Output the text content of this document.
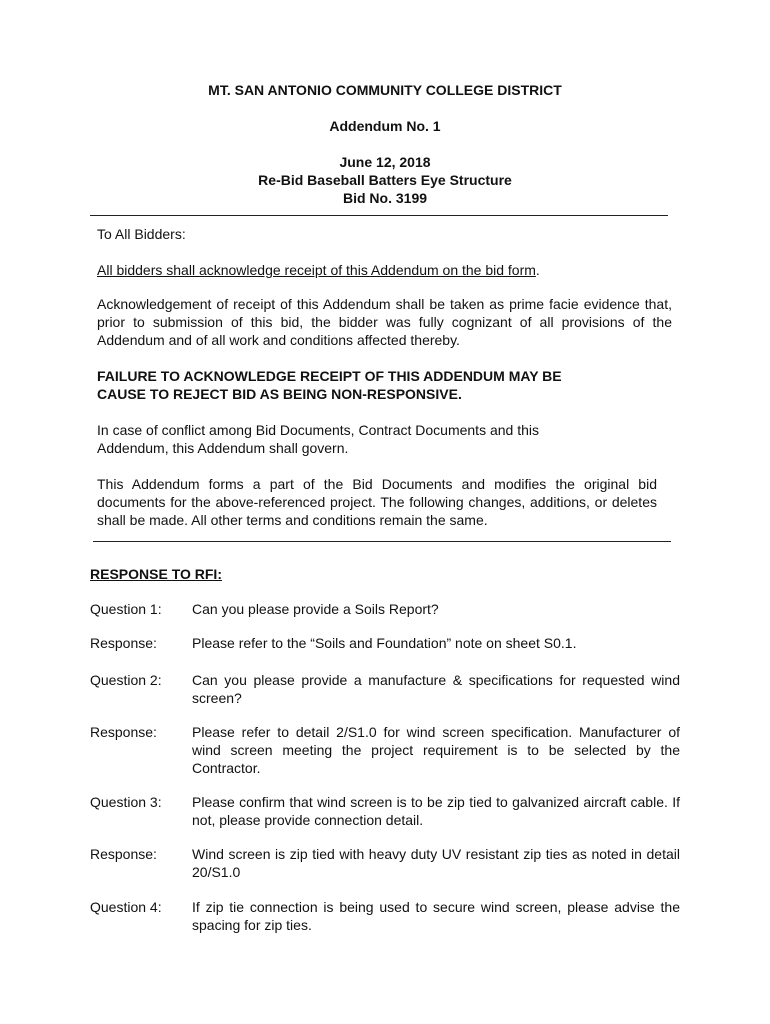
MT. SAN ANTONIO COMMUNITY COLLEGE DISTRICT
Addendum No. 1
June 12, 2018
Re-Bid Baseball Batters Eye Structure
Bid No. 3199
To All Bidders:
All bidders shall acknowledge receipt of this Addendum on the bid form.
Acknowledgement of receipt of this Addendum shall be taken as prime facie evidence that, prior to submission of this bid, the bidder was fully cognizant of all provisions of the Addendum and of all work and conditions affected thereby.
FAILURE TO ACKNOWLEDGE RECEIPT OF THIS ADDENDUM MAY BE
CAUSE TO REJECT BID AS BEING NON-RESPONSIVE.
In case of conflict among Bid Documents, Contract Documents and this
Addendum, this Addendum shall govern.
This Addendum forms a part of the Bid Documents and modifies the original bid documents for the above-referenced project. The following changes, additions, or deletes shall be made. All other terms and conditions remain the same.
RESPONSE TO RFI:
Question 1:	Can you please provide a Soils Report?
Response:	Please refer to the “Soils and Foundation” note on sheet S0.1.
Question 2:	Can you please provide a manufacture & specifications for requested wind screen?
Response:	Please refer to detail 2/S1.0 for wind screen specification. Manufacturer of wind screen meeting the project requirement is to be selected by the Contractor.
Question 3:	Please confirm that wind screen is to be zip tied to galvanized aircraft cable. If not, please provide connection detail.
Response:	Wind screen is zip tied with heavy duty UV resistant zip ties as noted in detail 20/S1.0
Question 4:	If zip tie connection is being used to secure wind screen, please advise the spacing for zip ties.
